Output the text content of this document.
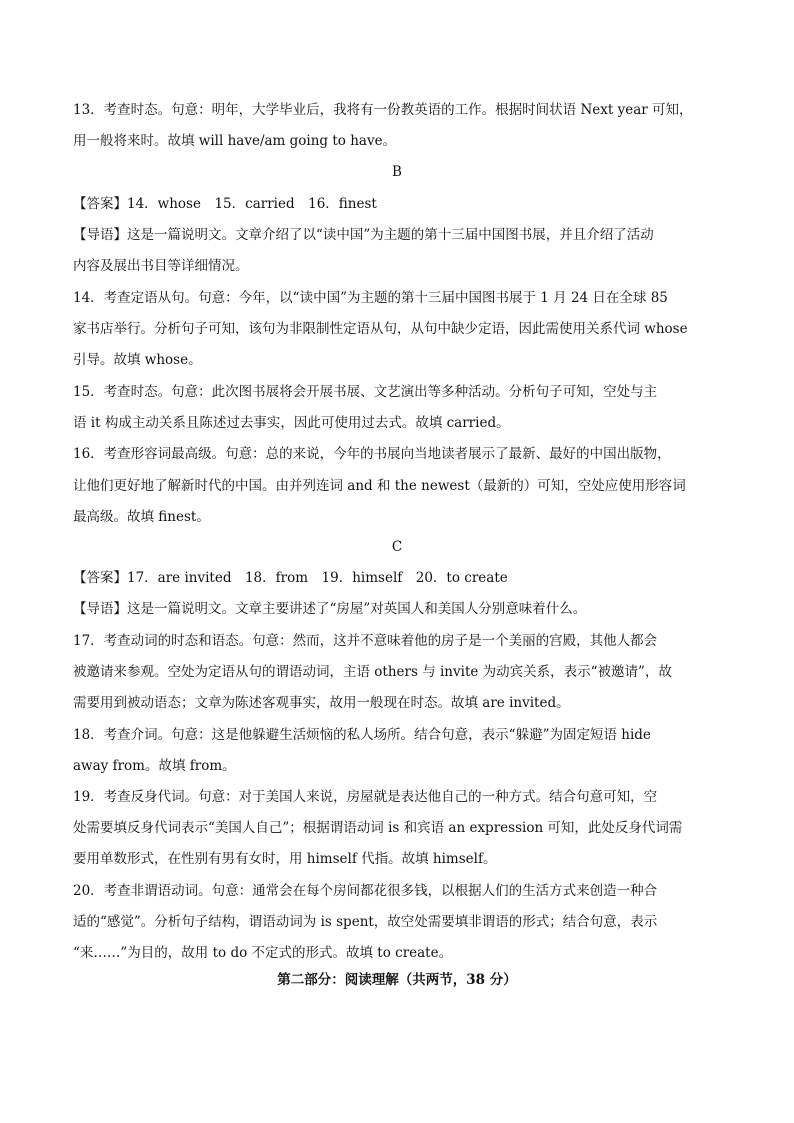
13．考查时态。句意：明年，大学毕业后，我将有一份教英语的工作。根据时间状语 Next year 可知，
用一般将来时。故填 will have/am going to have。
B
【答案】14．whose　15．carried　16．finest
【导语】这是一篇说明文。文章介绍了以“读中国”为主题的第十三届中国图书展，并且介绍了活动
内容及展出书目等详细情况。
14．考查定语从句。句意：今年，以“读中国”为主题的第十三届中国图书展于 1 月 24 日在全球 85
家书店举行。分析句子可知，该句为非限制性定语从句，从句中缺少定语，因此需使用关系代词 whose
引导。故填 whose。
15．考查时态。句意：此次图书展将会开展书展、文艺演出等多种活动。分析句子可知，空处与主
语 it 构成主动关系且陈述过去事实，因此可使用过去式。故填 carried。
16．考查形容词最高级。句意：总的来说，今年的书展向当地读者展示了最新、最好的中国出版物，
让他们更好地了解新时代的中国。由并列连词 and 和 the newest（最新的）可知，空处应使用形容词
最高级。故填 finest。
C
【答案】17．are invited　18．from　19．himself　20．to create
【导语】这是一篇说明文。文章主要讲述了“房屋”对英国人和美国人分别意味着什么。
17．考查动词的时态和语态。句意：然而，这并不意味着他的房子是一个美丽的宫殿，其他人都会
被邀请来参观。空处为定语从句的谓语动词，主语 others 与 invite 为动宾关系，表示“被邀请”，故
需要用到被动语态；文章为陈述客观事实，故用一般现在时态。故填 are invited。
18．考查介词。句意：这是他躲避生活烦恼的私人场所。结合句意，表示“躲避”为固定短语 hide
away from。故填 from。
19．考查反身代词。句意：对于美国人来说，房屋就是表达他自己的一种方式。结合句意可知，空
处需要填反身代词表示“美国人自己”；根据谓语动词 is 和宾语 an expression 可知，此处反身代词需
要用单数形式，在性别有男有女时，用 himself 代指。故填 himself。
20．考查非谓语动词。句意：通常会在每个房间都花很多钱，以根据人们的生活方式来创造一种合
适的“感觉”。分析句子结构，谓语动词为 is spent，故空处需要填非谓语的形式；结合句意，表示
“来……”为目的，故用 to do 不定式的形式。故填 to create。
第二部分：阅读理解（共两节，38 分）
